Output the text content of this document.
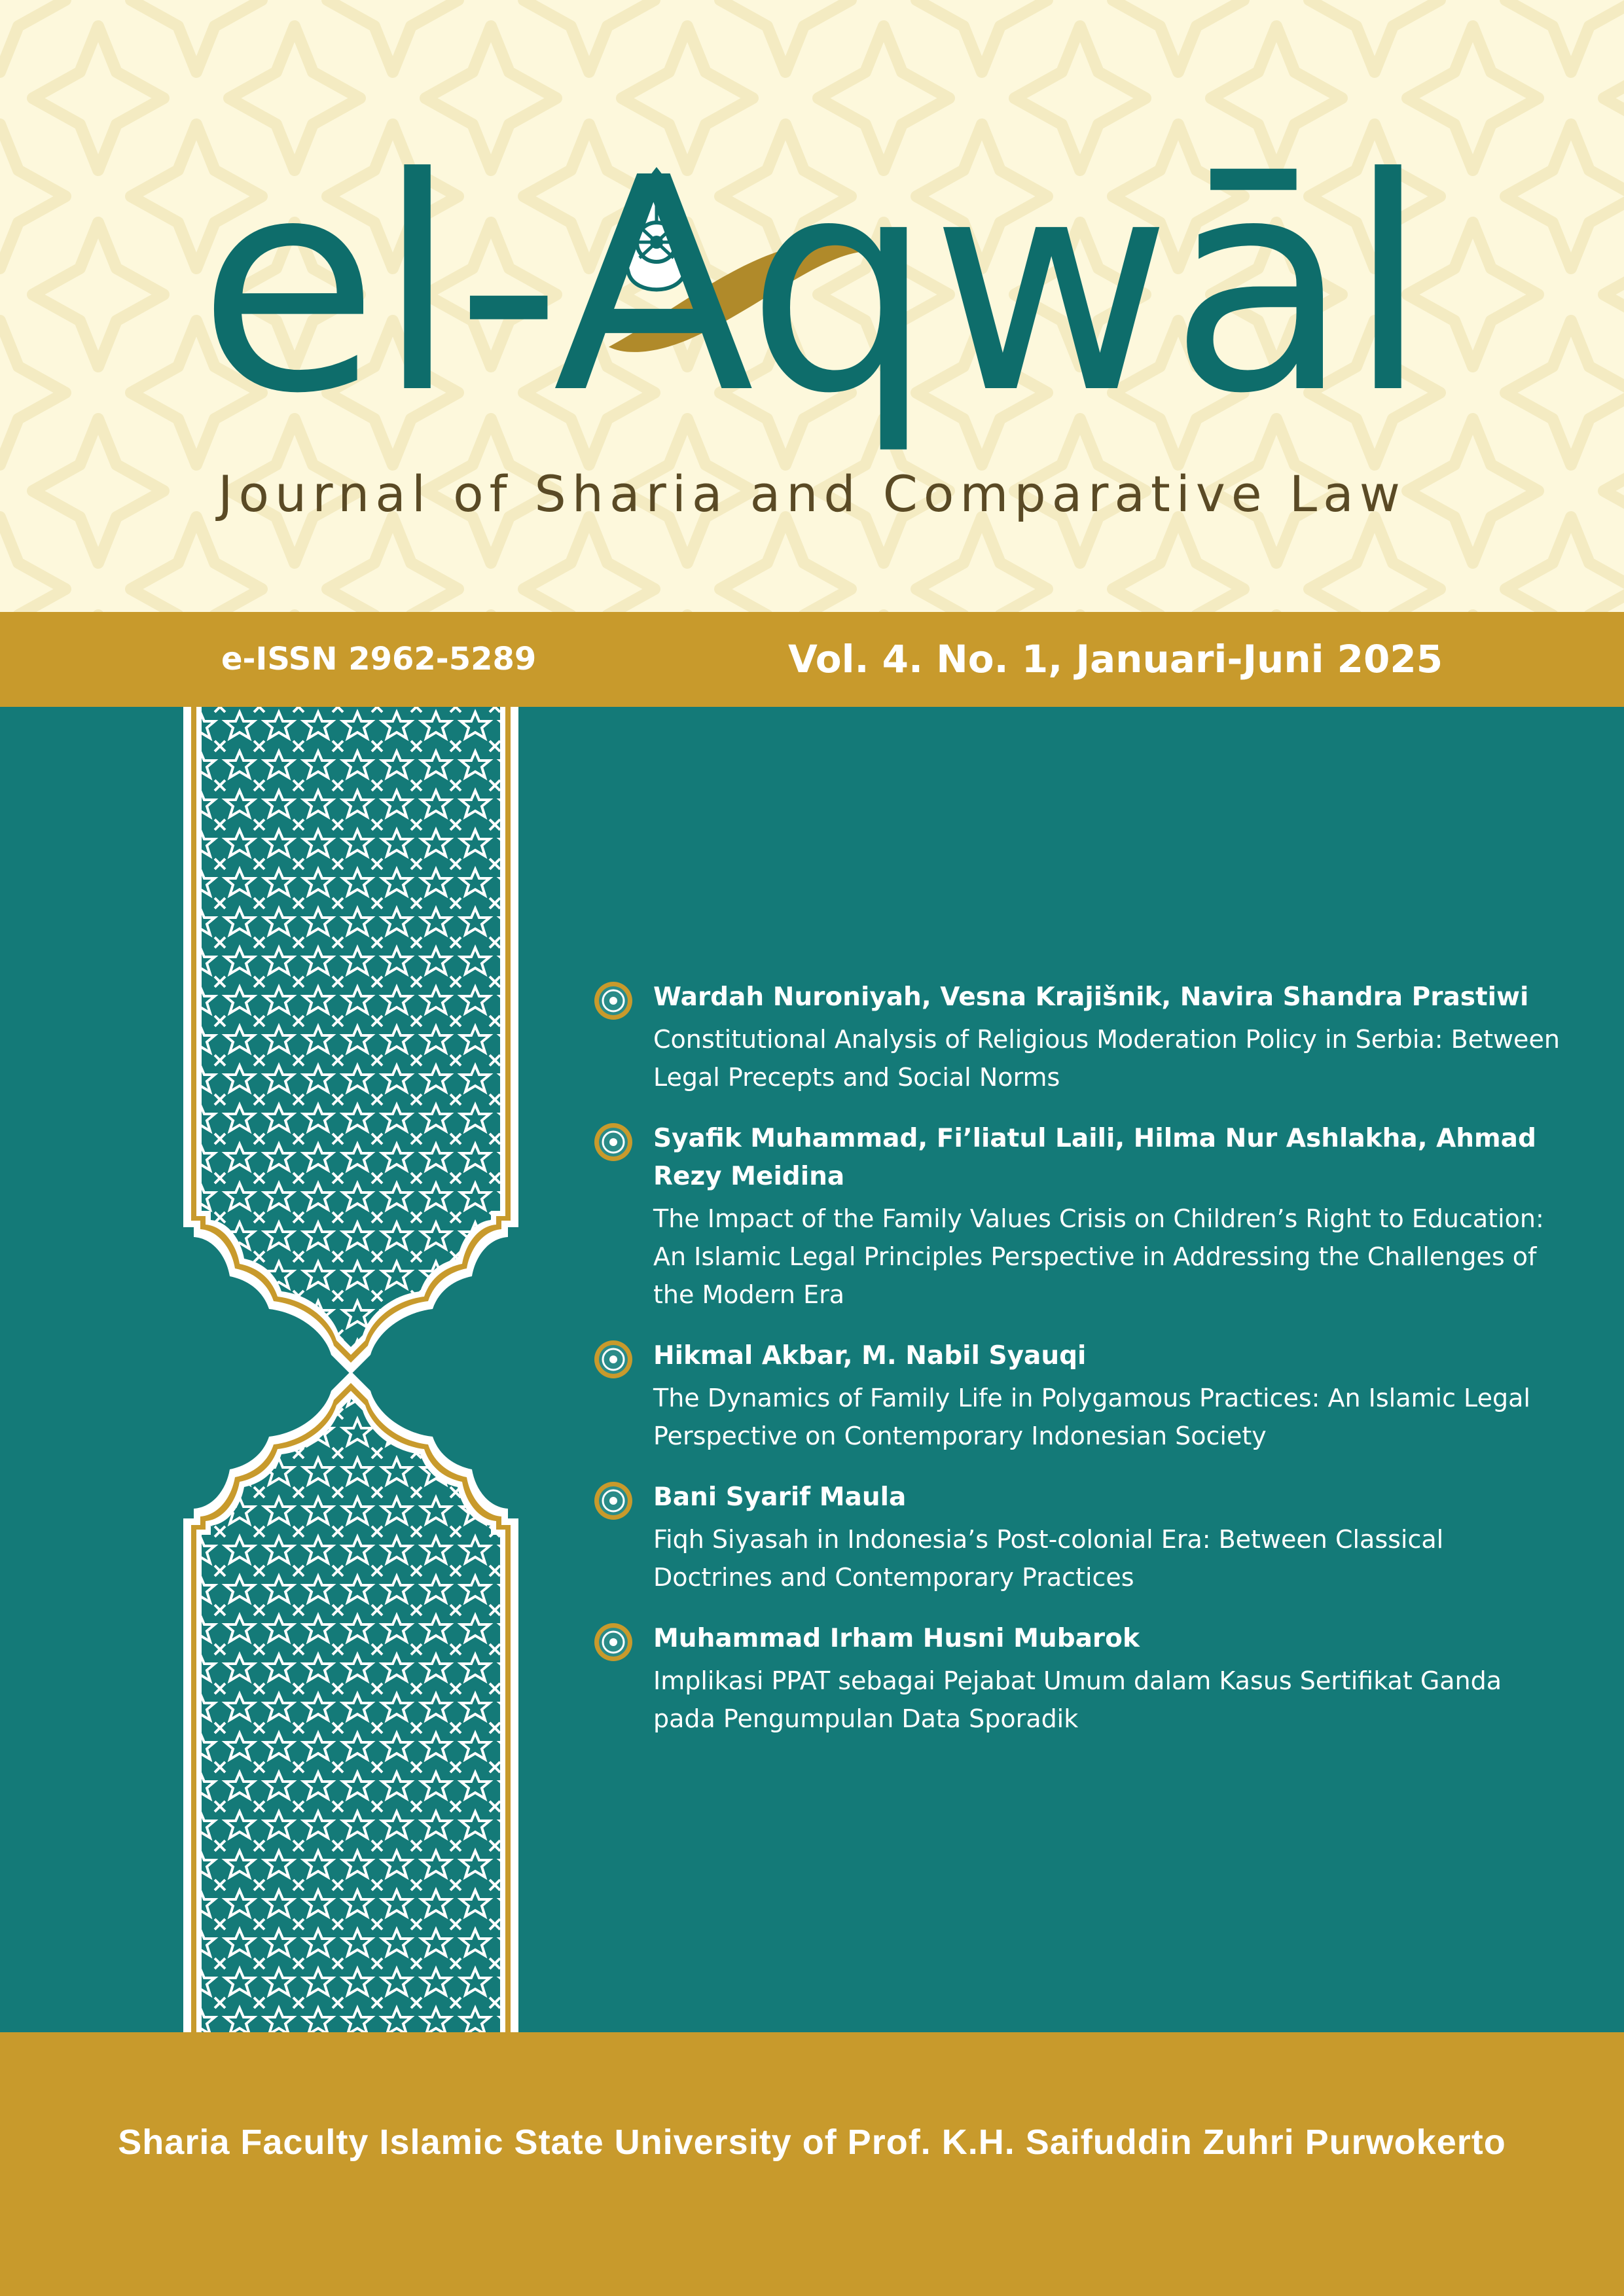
el-Aqwāl
Journal of Sharia and Comparative Law
e-ISSN 2962-5289	Vol. 4. No. 1, Januari-Juni 2025
Wardah Nuroniyah, Vesna Krajišnik, Navira Shandra Prastiwi
Constitutional Analysis of Religious Moderation Policy in Serbia: Between Legal Precepts and Social Norms
Syafik Muhammad, Fi’liatul Laili, Hilma Nur Ashlakha, Ahmad Rezy Meidina
The Impact of the Family Values Crisis on Children’s Right to Education: An Islamic Legal Principles Perspective in Addressing the Challenges of the Modern Era
Hikmal Akbar, M. Nabil Syauqi
The Dynamics of Family Life in Polygamous Practices: An Islamic Legal Perspective on Contemporary Indonesian Society
Bani Syarif Maula
Fiqh Siyasah in Indonesia’s Post-colonial Era: Between Classical Doctrines and Contemporary Practices
Muhammad Irham Husni Mubarok
Implikasi PPAT sebagai Pejabat Umum dalam Kasus Sertifikat Ganda pada Pengumpulan Data Sporadik
Sharia Faculty Islamic State University of Prof. K.H. Saifuddin Zuhri Purwokerto
